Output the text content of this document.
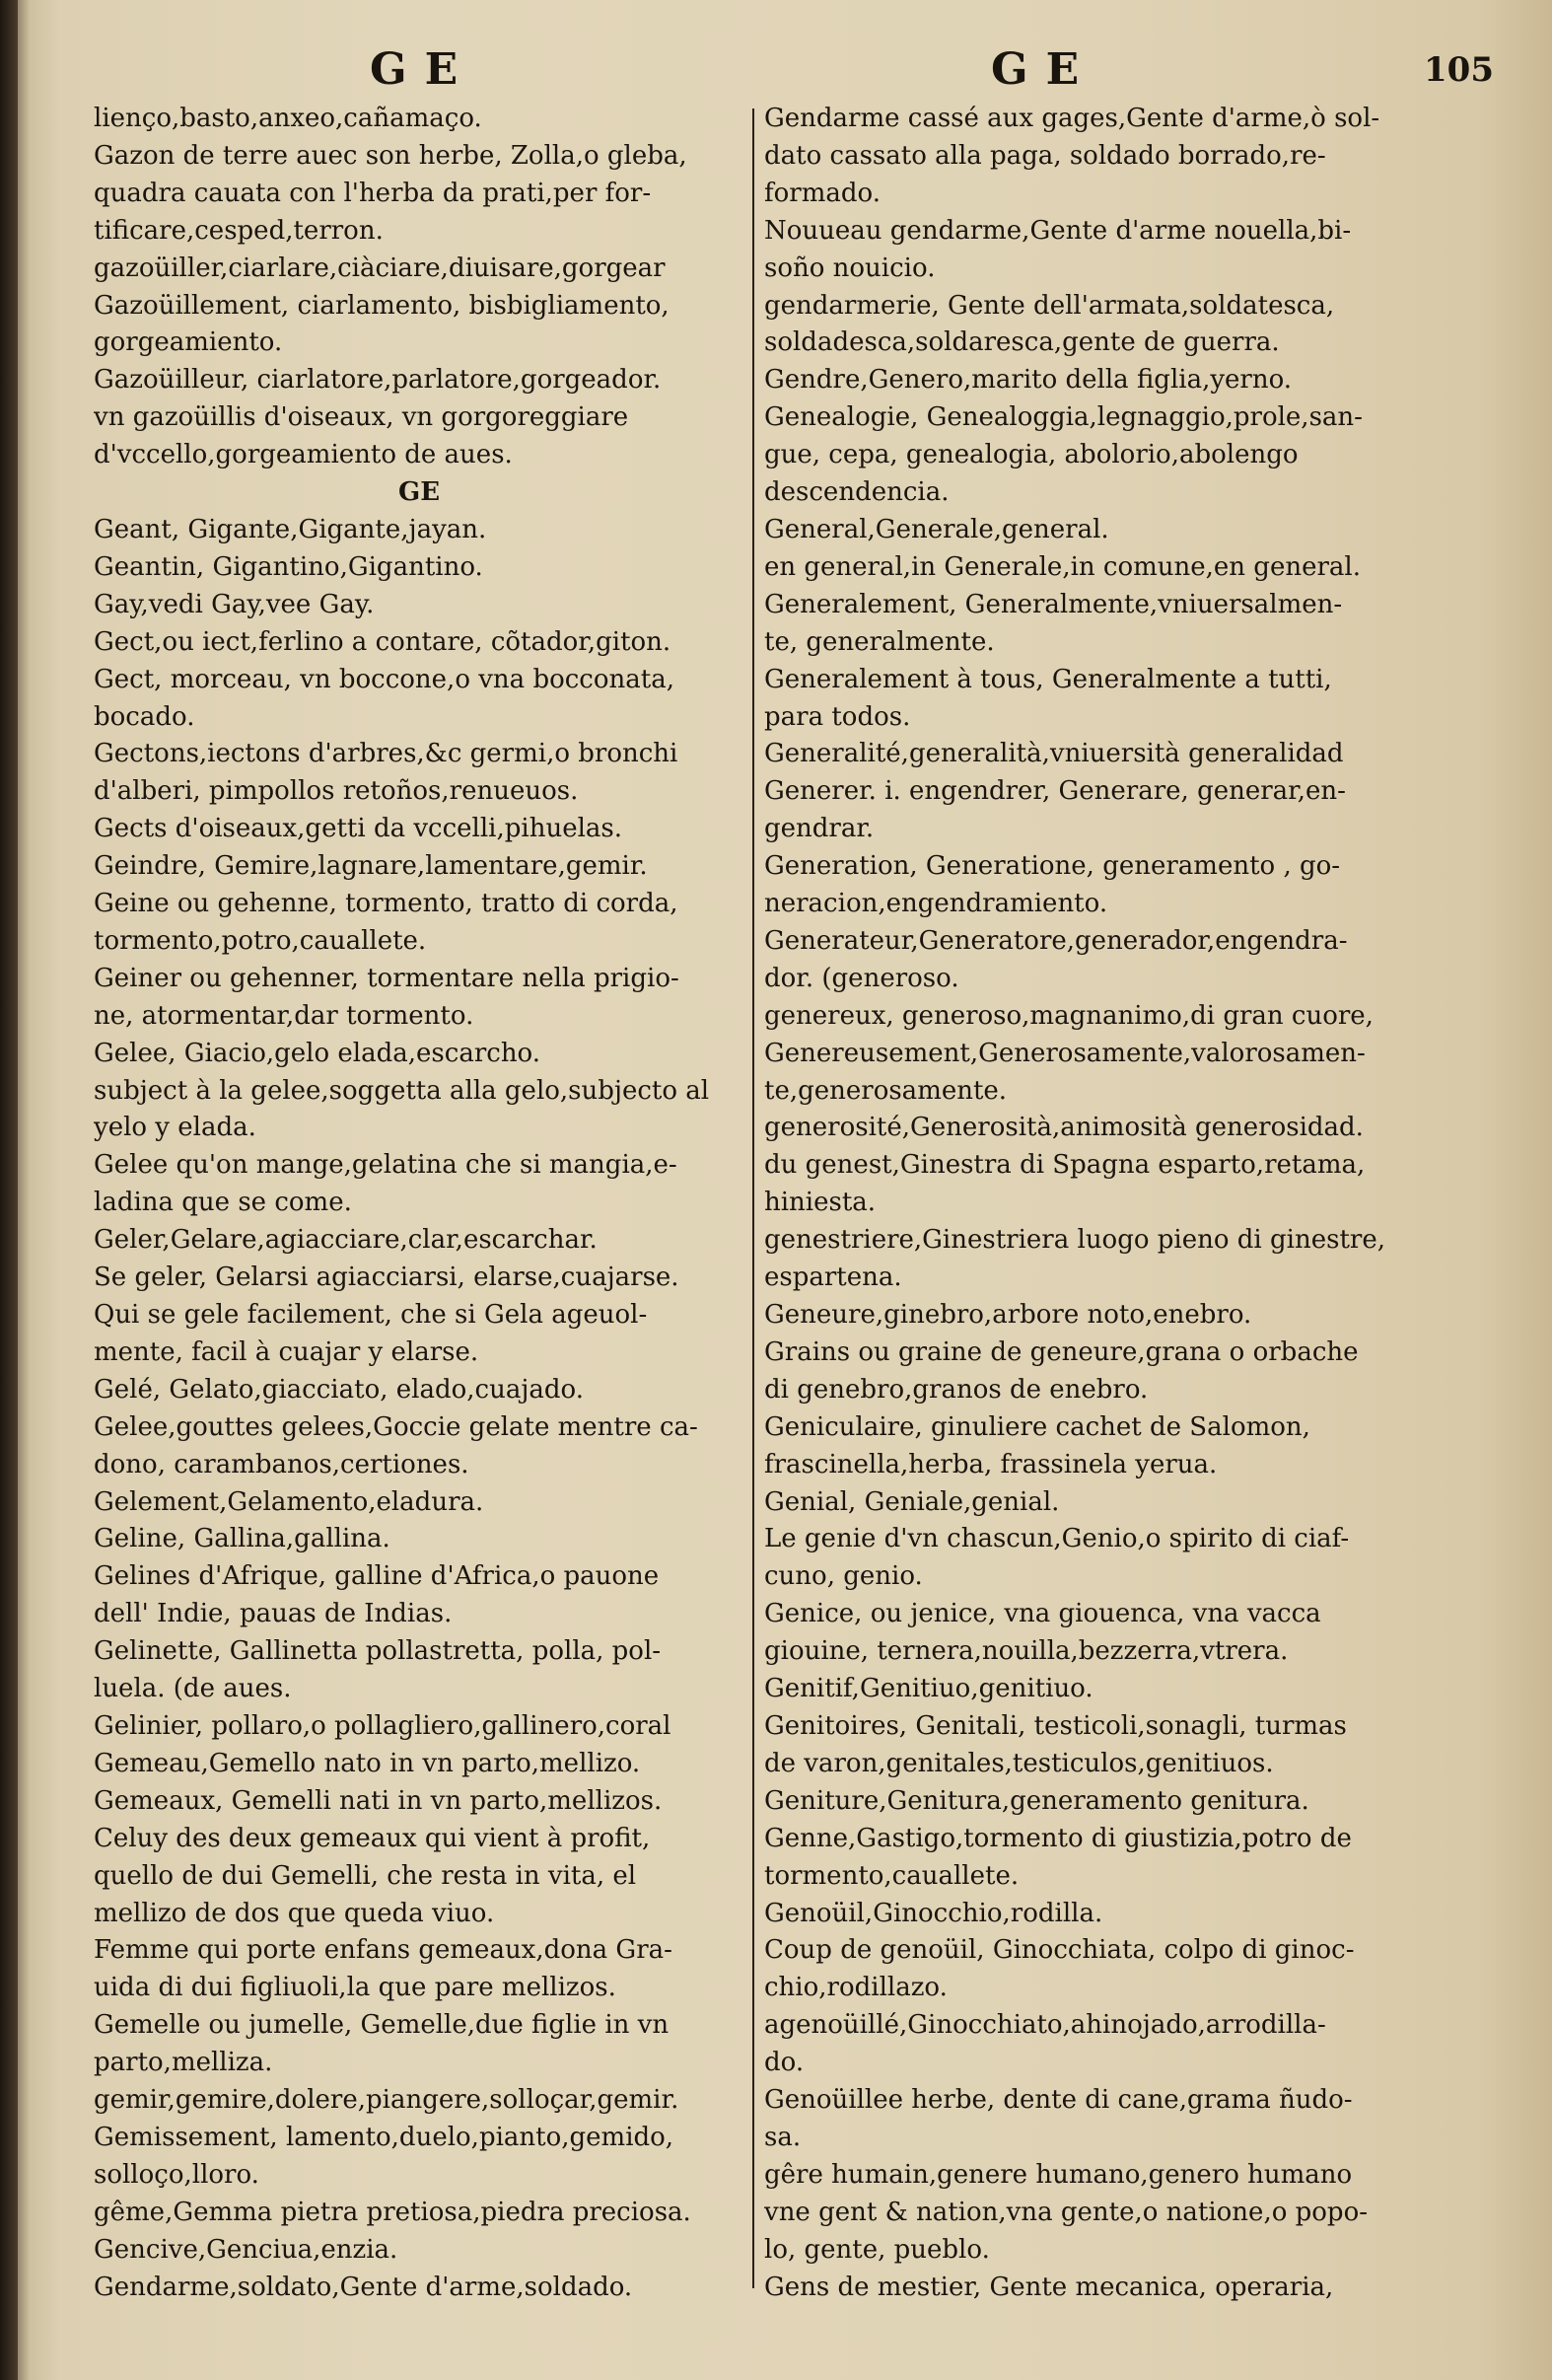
GE
lienço,basto,anxeo,cañamaço.
Gazon de terre auec son herbe, Zolla,o gleba,
quadra cauata con l'herba da prati,per for-
tificare,cesped,terron.
gazoüiller,ciarlare,ciàciare,diuisare,gorgear
Gazoüillement, ciarlamento, bisbigliamento,
gorgeamiento.
Gazoüilleur, ciarlatore,parlatore,gorgeador.
vn gazoüillis d'oiseaux, vn gorgoreggiare
d'vccello,gorgeamiento de aues.
GE
Geant, Gigante,Gigante,jayan.
Geantin, Gigantino,Gigantino.
Gay,vedi Gay,vee Gay.
Gect,ou iect,ferlino a contare, cõtador,giton.
Gect, morceau, vn boccone,o vna bocconata,
bocado.
Gectons,iectons d'arbres,&c germi,o bronchi
d'alberi, pimpollos retoños,renueuos.
Gects d'oiseaux,getti da vccelli,pihuelas.
Geindre, Gemire,lagnare,lamentare,gemir.
Geine ou gehenne, tormento, tratto di corda,
tormento,potro,cauallete.
Geiner ou gehenner, tormentare nella prigio-
ne, atormentar,dar tormento.
Gelee, Giacio,gelo elada,escarcho.
subject à la gelee,soggetta alla gelo,subjecto al
yelo y elada.
Gelee qu'on mange,gelatina che si mangia,e-
ladina que se come.
Geler,Gelare,agiacciare,clar,escarchar.
Se geler, Gelarsi agiacciarsi, elarse,cuajarse.
Qui se gele facilement, che si Gela ageuol-
mente, facil à cuajar y elarse.
Gelé, Gelato,giacciato, elado,cuajado.
Gelee,gouttes gelees,Goccie gelate mentre ca-
dono, carambanos,certiones.
Gelement,Gelamento,eladura.
Geline, Gallina,gallina.
Gelines d'Afrique, galline d'Africa,o pauone
dell' Indie, pauas de Indias.
Gelinette, Gallinetta pollastretta, polla, pol-
luela. (de aues.
Gelinier, pollaro,o pollagliero,gallinero,coral
Gemeau,Gemello nato in vn parto,mellizo.
Gemeaux, Gemelli nati in vn parto,mellizos.
Celuy des deux gemeaux qui vient à profit,
quello de dui Gemelli, che resta in vita, el
mellizo de dos que queda viuo.
Femme qui porte enfans gemeaux,dona Gra-
uida di dui figliuoli,la que pare mellizos.
Gemelle ou jumelle, Gemelle,due figlie in vn
parto,melliza.
gemir,gemire,dolere,piangere,solloçar,gemir.
Gemissement, lamento,duelo,pianto,gemido,
solloço,lloro.
gême,Gemma pietra pretiosa,piedra preciosa.
Gencive,Genciua,enzia.
Gendarme,soldato,Gente d'arme,soldado.
GE	105
Gendarme cassé aux gages,Gente d'arme,ò sol-
dato cassato alla paga, soldado borrado,re-
formado.
Nouueau gendarme,Gente d'arme nouella,bi-
soño nouicio.
gendarmerie, Gente dell'armata,soldatesca,
soldadesca,soldaresca,gente de guerra.
Gendre,Genero,marito della figlia,yerno.
Genealogie, Genealoggia,legnaggio,prole,san-
gue, cepa, genealogia, abolorio,abolengo
descendencia.
General,Generale,general.
en general,in Generale,in comune,en general.
Generalement, Generalmente,vniuersalmen-
te, generalmente.
Generalement à tous, Generalmente a tutti,
para todos.
Generalité,generalità,vniuersità generalidad
Generer. i. engendrer, Generare, generar,en-
gendrar.
Generation, Generatione, generamento , go-
neracion,engendramiento.
Generateur,Generatore,generador,engendra-
dor. (generoso.
genereux, generoso,magnanimo,di gran cuore,
Genereusement,Generosamente,valorosamen-
te,generosamente.
generosité,Generosità,animosità generosidad.
du genest,Ginestra di Spagna esparto,retama,
hiniesta.
genestriere,Ginestriera luogo pieno di ginestre,
espartena.
Geneure,ginebro,arbore noto,enebro.
Grains ou graine de geneure,grana o orbache
di genebro,granos de enebro.
Geniculaire, ginuliere cachet de Salomon,
frascinella,herba, frassinela yerua.
Genial, Geniale,genial.
Le genie d'vn chascun,Genio,o spirito di ciaf-
cuno, genio.
Genice, ou jenice, vna giouenca, vna vacca
giouine, ternera,nouilla,bezzerra,vtrera.
Genitif,Genitiuo,genitiuo.
Genitoires, Genitali, testicoli,sonagli, turmas
de varon,genitales,testiculos,genitiuos.
Geniture,Genitura,generamento genitura.
Genne,Gastigo,tormento di giustizia,potro de
tormento,cauallete.
Genoüil,Ginocchio,rodilla.
Coup de genoüil, Ginocchiata, colpo di ginoc-
chio,rodillazo.
agenoüillé,Ginocchiato,ahinojado,arrodilla-
do.
Genoüillee herbe, dente di cane,grama ñudo-
sa.
gêre humain,genere humano,genero humano
vne gent & nation,vna gente,o natione,o popo-
lo, gente, pueblo.
Gens de mestier, Gente mecanica, operaria,
